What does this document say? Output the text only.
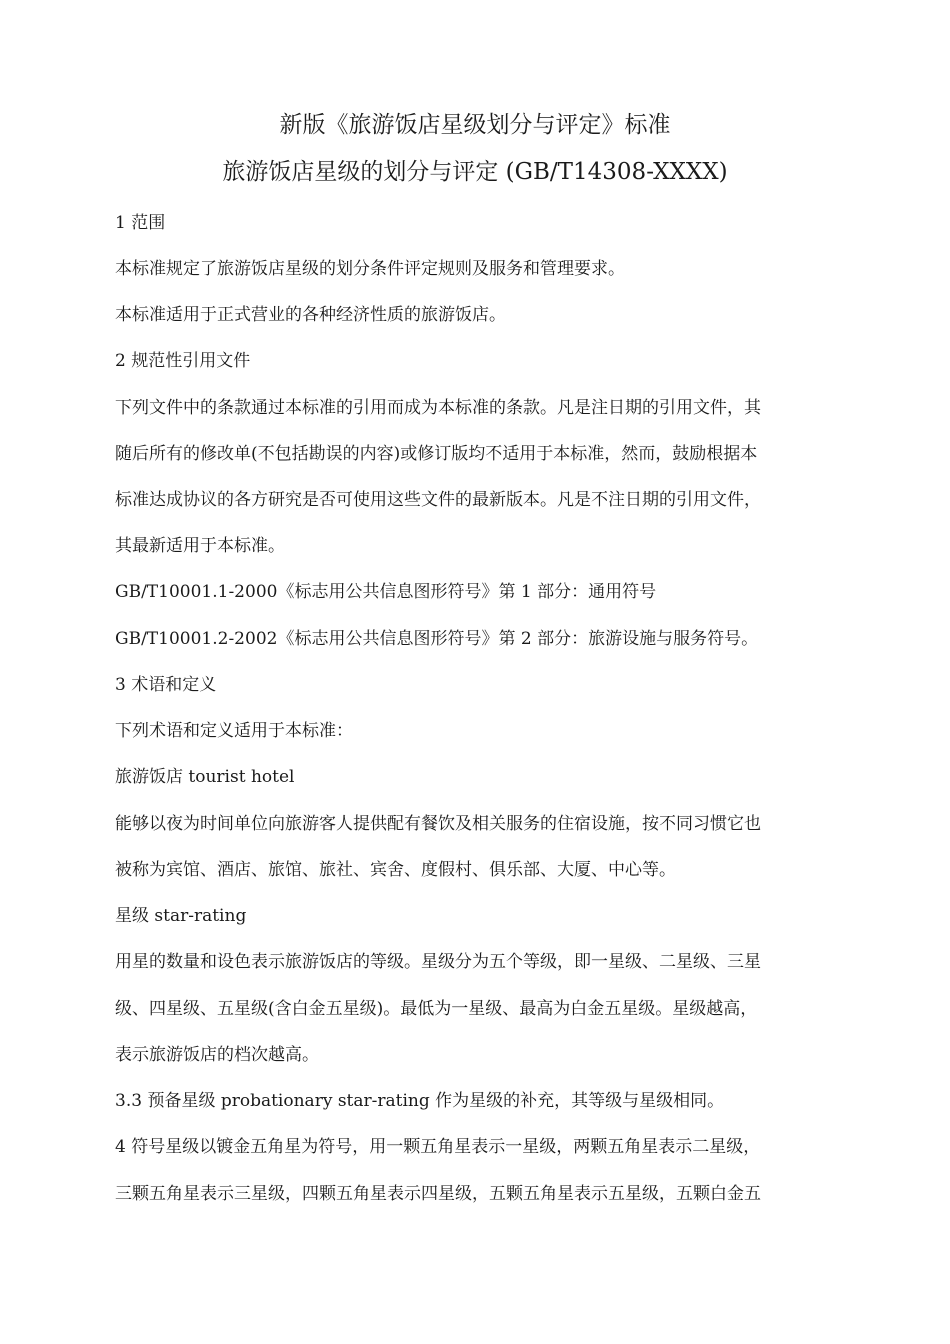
新版《旅游饭店星级划分与评定》标准
旅游饭店星级的划分与评定 (GB/T14308-XXXX)
1 范围
本标准规定了旅游饭店星级的划分条件评定规则及服务和管理要求。
本标准适用于正式营业的各种经济性质的旅游饭店。
2 规范性引用文件
下列文件中的条款通过本标准的引用而成为本标准的条款。凡是注日期的引用文件，其
随后所有的修改单(不包括勘误的内容)或修订版均不适用于本标准，然而，鼓励根据本
标准达成协议的各方研究是否可使用这些文件的最新版本。凡是不注日期的引用文件，
其最新适用于本标准。
GB/T10001.1-2000《标志用公共信息图形符号》第 1 部分：通用符号
GB/T10001.2-2002《标志用公共信息图形符号》第 2 部分：旅游设施与服务符号。
3 术语和定义
下列术语和定义适用于本标准：
旅游饭店 tourist hotel
能够以夜为时间单位向旅游客人提供配有餐饮及相关服务的住宿设施，按不同习惯它也
被称为宾馆、酒店、旅馆、旅社、宾舍、度假村、俱乐部、大厦、中心等。
星级 star-rating
用星的数量和设色表示旅游饭店的等级。星级分为五个等级，即一星级、二星级、三星
级、四星级、五星级(含白金五星级)。最低为一星级、最高为白金五星级。星级越高，
表示旅游饭店的档次越高。
3.3 预备星级 probationary star-rating 作为星级的补充，其等级与星级相同。
4 符号星级以镀金五角星为符号，用一颗五角星表示一星级，两颗五角星表示二星级，
三颗五角星表示三星级，四颗五角星表示四星级，五颗五角星表示五星级，五颗白金五
